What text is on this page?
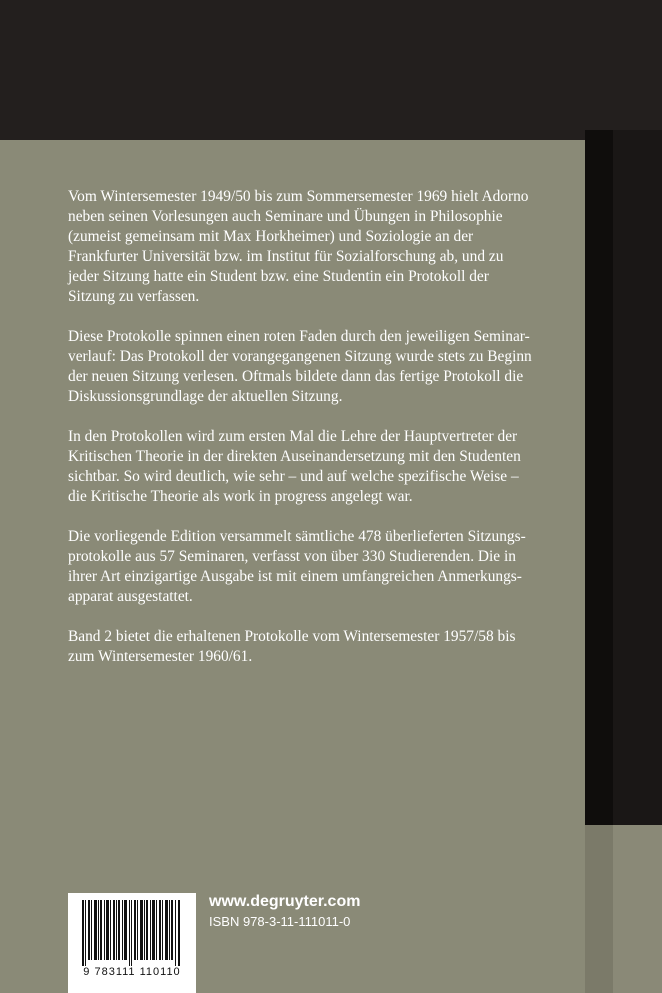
Vom Wintersemester 1949/50 bis zum Sommersemester 1969 hielt Adorno
neben seinen Vorlesungen auch Seminare und Übungen in Philosophie
(zumeist gemeinsam mit Max Horkheimer) und Soziologie an der
Frankfurter Universität bzw. im Institut für Sozialforschung ab, und zu
jeder Sitzung hatte ein Student bzw. eine Studentin ein Protokoll der
Sitzung zu verfassen.

Diese Protokolle spinnen einen roten Faden durch den jeweiligen Seminar-
verlauf: Das Protokoll der vorangegangenen Sitzung wurde stets zu Beginn
der neuen Sitzung verlesen. Oftmals bildete dann das fertige Protokoll die
Diskussionsgrundlage der aktuellen Sitzung.

In den Protokollen wird zum ersten Mal die Lehre der Hauptvertreter der
Kritischen Theorie in der direkten Auseinandersetzung mit den Studenten
sichtbar. So wird deutlich, wie sehr – und auf welche spezifische Weise –
die Kritische Theorie als work in progress angelegt war.

Die vorliegende Edition versammelt sämtliche 478 überlieferten Sitzungs-
protokolle aus 57 Seminaren, verfasst von über 330 Studierenden. Die in
ihrer Art einzigartige Ausgabe ist mit einem umfangreichen Anmerkungs-
apparat ausgestattet.

Band 2 bietet die erhaltenen Protokolle vom Wintersemester 1957/58 bis
zum Wintersemester 1960/61.

9 783111 110110
www.degruyter.com
ISBN 978-3-11-111011-0
